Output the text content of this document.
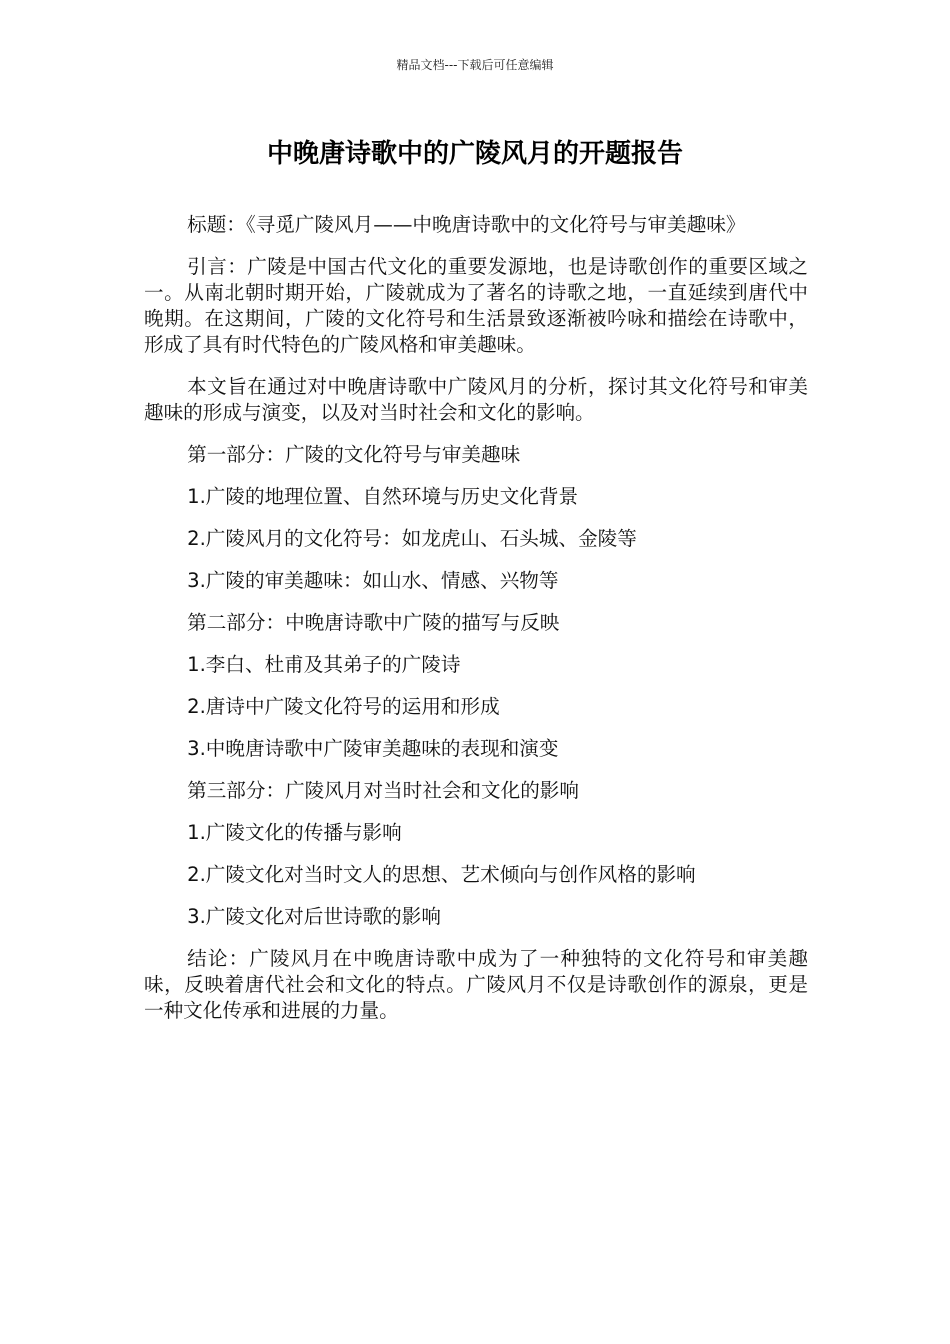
精品文档---下载后可任意编辑
中晚唐诗歌中的广陵风月的开题报告

标题：《寻觅广陵风月——中晚唐诗歌中的文化符号与审美趣味》

引言：广陵是中国古代文化的重要发源地，也是诗歌创作的重要区域之一。从南北朝时期开始，广陵就成为了著名的诗歌之地，一直延续到唐代中晚期。在这期间，广陵的文化符号和生活景致逐渐被吟咏和描绘在诗歌中，形成了具有时代特色的广陵风格和审美趣味。

本文旨在通过对中晚唐诗歌中广陵风月的分析，探讨其文化符号和审美趣味的形成与演变，以及对当时社会和文化的影响。

第一部分：广陵的文化符号与审美趣味

1.广陵的地理位置、自然环境与历史文化背景

2.广陵风月的文化符号：如龙虎山、石头城、金陵等

3.广陵的审美趣味：如山水、情感、兴物等

第二部分：中晚唐诗歌中广陵的描写与反映

1.李白、杜甫及其弟子的广陵诗

2.唐诗中广陵文化符号的运用和形成

3.中晚唐诗歌中广陵审美趣味的表现和演变

第三部分：广陵风月对当时社会和文化的影响

1.广陵文化的传播与影响

2.广陵文化对当时文人的思想、艺术倾向与创作风格的影响

3.广陵文化对后世诗歌的影响

结论：广陵风月在中晚唐诗歌中成为了一种独特的文化符号和审美趣味，反映着唐代社会和文化的特点。广陵风月不仅是诗歌创作的源泉，更是一种文化传承和进展的力量。
